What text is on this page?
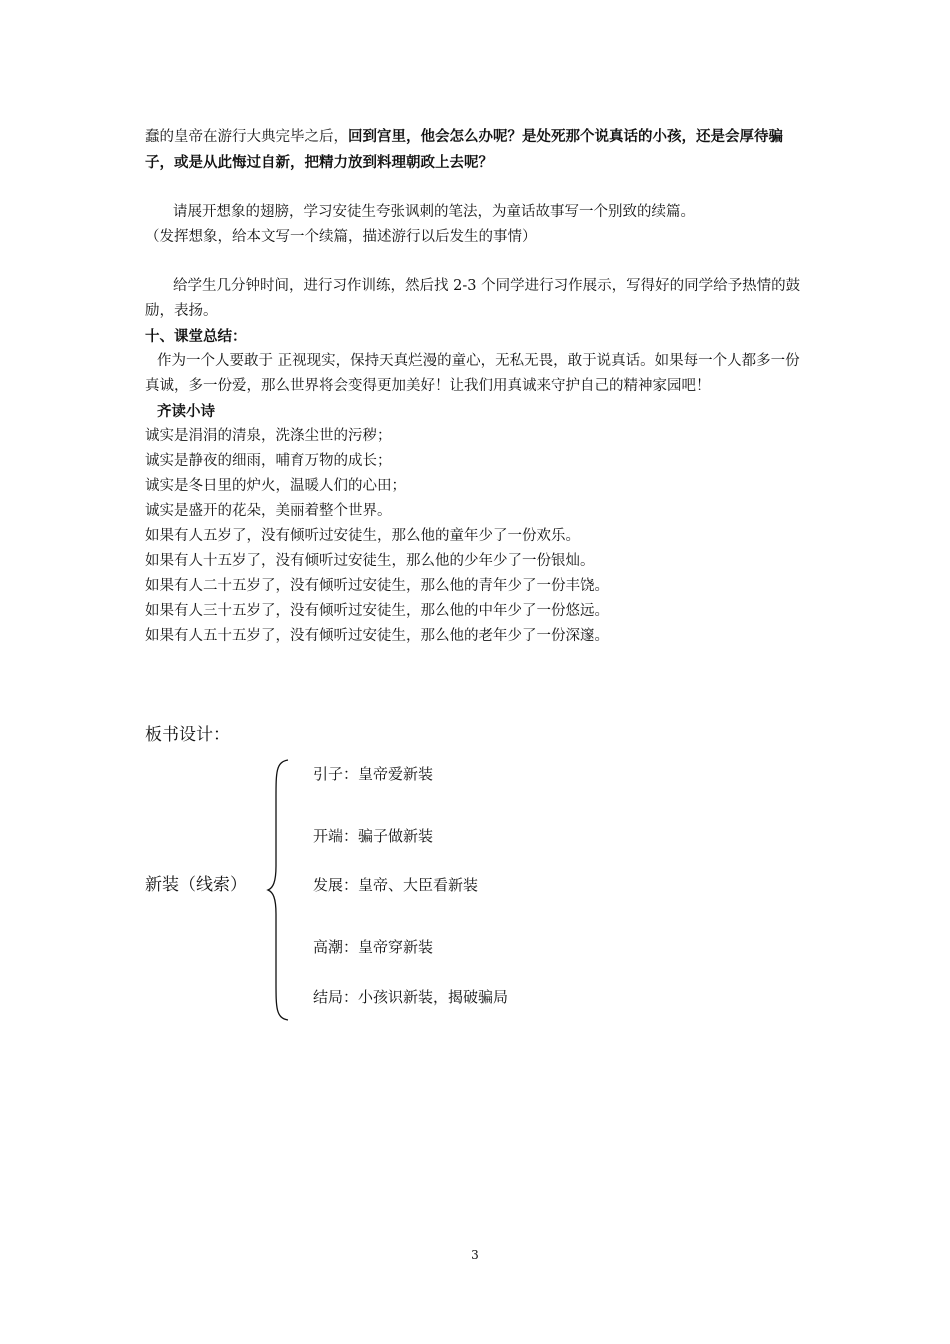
蠢的皇帝在游行大典完毕之后，回到宫里，他会怎么办呢？是处死那个说真话的小孩，还是会厚待骗子，或是从此悔过自新，把精力放到料理朝政上去呢？

请展开想象的翅膀，学习安徒生夸张讽刺的笔法，为童话故事写一个别致的续篇。

（发挥想象，给本文写一个续篇，描述游行以后发生的事情）

给学生几分钟时间，进行习作训练，然后找 2-3 个同学进行习作展示，写得好的同学给予热情的鼓励，表扬。

十、课堂总结：

作为一个人要敢于 正视现实，保持天真烂漫的童心，无私无畏，敢于说真话。如果每一个人都多一份真诚，多一份爱，那么世界将会变得更加美好！让我们用真诚来守护自己的精神家园吧！

齐读小诗

诚实是涓涓的清泉，洗涤尘世的污秽；

诚实是静夜的细雨，哺育万物的成长；

诚实是冬日里的炉火，温暖人们的心田；

诚实是盛开的花朵，美丽着整个世界。

如果有人五岁了，没有倾听过安徒生，那么他的童年少了一份欢乐。

如果有人十五岁了，没有倾听过安徒生，那么他的少年少了一份银灿。

如果有人二十五岁了，没有倾听过安徒生，那么他的青年少了一份丰饶。

如果有人三十五岁了，没有倾听过安徒生，那么他的中年少了一份悠远。

如果有人五十五岁了，没有倾听过安徒生，那么他的老年少了一份深邃。

板书设计：
新装（线索）
引子：皇帝爱新装
开端：骗子做新装
发展：皇帝、大臣看新装
高潮：皇帝穿新装
结局：小孩识新装，揭破骗局
3
